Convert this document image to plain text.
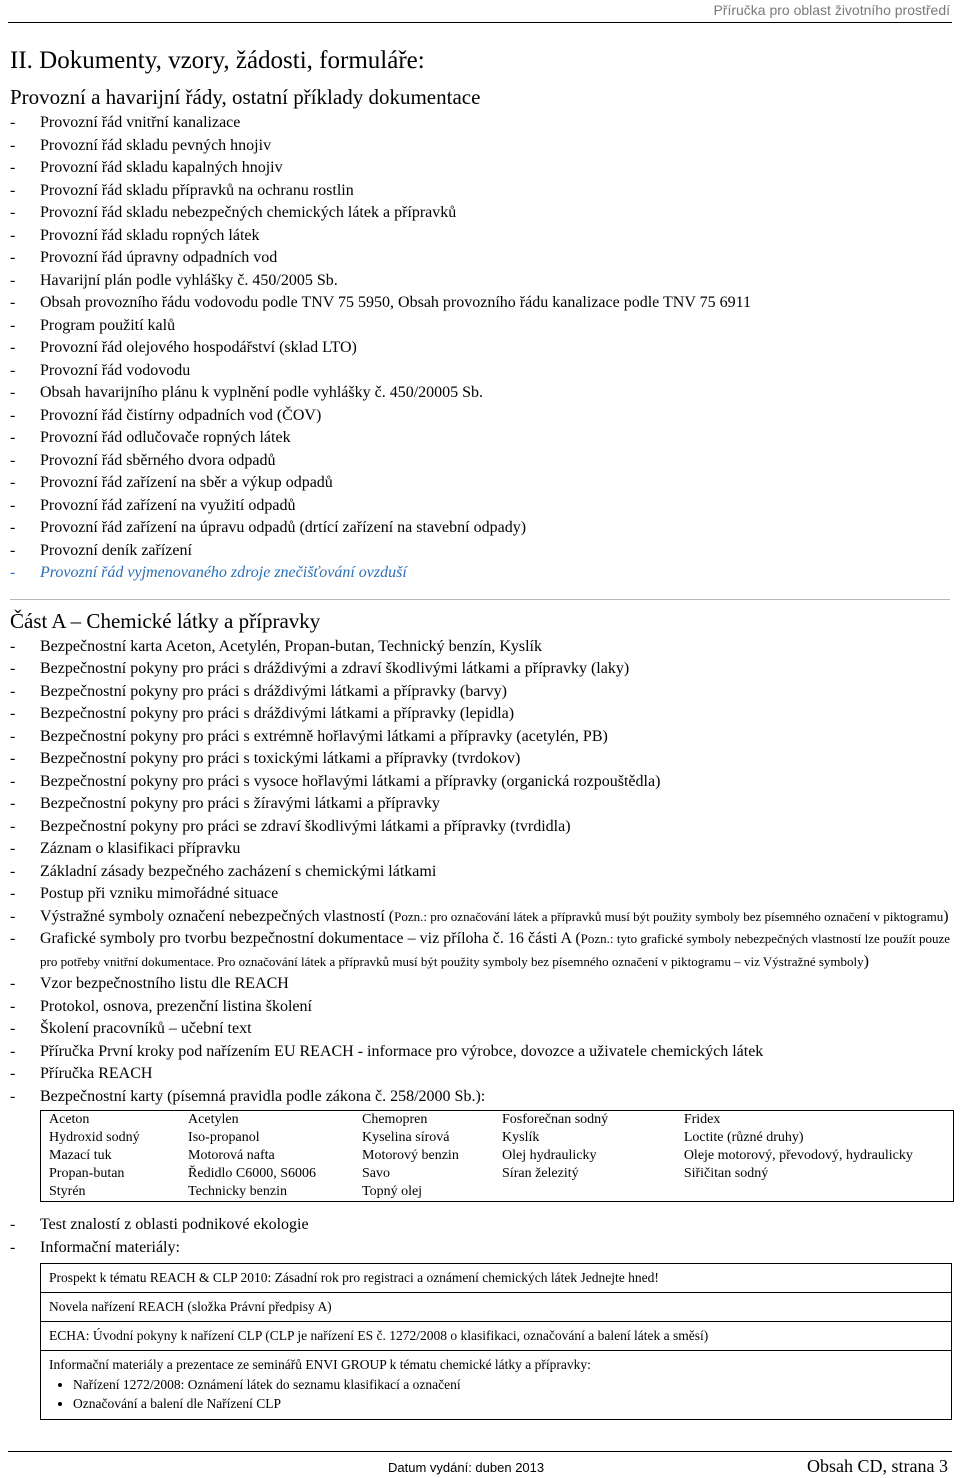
Příručka pro oblast životního prostředí
II. Dokumenty, vzory, žádosti, formuláře:
Provozní a havarijní řády, ostatní příklady dokumentace
- Provozní řád vnitřní kanalizace
- Provozní řád skladu pevných hnojiv
- Provozní řád skladu kapalných hnojiv
- Provozní řád skladu přípravků na ochranu rostlin
- Provozní řád skladu nebezpečných chemických látek a přípravků
- Provozní řád skladu ropných látek
- Provozní řád úpravny odpadních vod
- Havarijní plán podle vyhlášky č. 450/2005 Sb.
- Obsah provozního řádu vodovodu podle TNV 75 5950, Obsah provozního řádu kanalizace podle TNV 75 6911
- Program použití kalů
- Provozní řád olejového hospodářství (sklad LTO)
- Provozní řád vodovodu
- Obsah havarijního plánu k vyplnění podle vyhlášky č. 450/20005 Sb.
- Provozní řád čistírny odpadních vod (ČOV)
- Provozní řád odlučovače ropných látek
- Provozní řád sběrného dvora odpadů
- Provozní řád zařízení na sběr a výkup odpadů
- Provozní řád zařízení na využití odpadů
- Provozní řád zařízení na úpravu odpadů (drtící zařízení na stavební odpady)
- Provozní deník zařízení
- Provozní řád vyjmenovaného zdroje znečišťování ovzduší
Část A – Chemické látky a přípravky
- Bezpečnostní karta Aceton, Acetylén, Propan-butan, Technický benzín, Kyslík
- Bezpečnostní pokyny pro práci s dráždivými a zdraví škodlivými látkami a přípravky (laky)
- Bezpečnostní pokyny pro práci s dráždivými látkami a přípravky (barvy)
- Bezpečnostní pokyny pro práci s dráždivými látkami a přípravky (lepidla)
- Bezpečnostní pokyny pro práci s extrémně hořlavými látkami a přípravky (acetylén, PB)
- Bezpečnostní pokyny pro práci s toxickými látkami a přípravky (tvrdokov)
- Bezpečnostní pokyny pro práci s vysoce hořlavými látkami a přípravky (organická rozpouštědla)
- Bezpečnostní pokyny pro práci s žíravými látkami a přípravky
- Bezpečnostní pokyny pro práci se zdraví škodlivými látkami a přípravky (tvrdidla)
- Záznam o klasifikaci přípravku
- Základní zásady bezpečného zacházení s chemickými látkami
- Postup při vzniku mimořádné situace
- Výstražné symboly označení nebezpečných vlastností (Pozn.: pro označování látek a přípravků musí být použity symboly bez písemného označení v piktogramu)
- Grafické symboly pro tvorbu bezpečnostní dokumentace – viz příloha č. 16 části A (Pozn.: tyto grafické symboly nebezpečných vlastností lze použít pouze pro potřeby vnitřní dokumentace. Pro označování látek a přípravků musí být použity symboly bez písemného označení v piktogramu – viz Výstražné symboly)
- Vzor bezpečnostního listu dle REACH
- Protokol, osnova, prezenční listina školení
- Školení pracovníků – učební text
- Příručka První kroky pod nařízením EU REACH - informace pro výrobce, dovozce a uživatele chemických látek
- Příručka REACH
- Bezpečnostní karty (písemná pravidla podle zákona č. 258/2000 Sb.):
Aceton	Acetylen	Chemopren	Fosforečnan sodný	Fridex
Hydroxid sodný	Iso-propanol	Kyselina sírová	Kyslík	Loctite (různé druhy)
Mazací tuk	Motorová nafta	Motorový benzin	Olej hydraulicky	Oleje motorový, převodový, hydraulicky
Propan-butan	Ředidlo C6000, S6006	Savo	Síran železitý	Siřičitan sodný
Styrén	Technicky benzin	Topný olej		
- Test znalostí z oblasti podnikové ekologie
- Informační materiály:
Prospekt k tématu REACH & CLP 2010: Zásadní rok pro registraci a oznámení chemických látek Jednejte hned!
Novela nařízení REACH (složka Právní předpisy A)
ECHA: Úvodní pokyny k nařízení CLP (CLP je nařízení ES č. 1272/2008 o klasifikaci, označování a balení látek a směsí)
Informační materiály a prezentace ze seminářů ENVI GROUP k tématu chemické látky a přípravky:
• Nařízení 1272/2008: Oznámení látek do seznamu klasifikací a označení
• Označování a balení dle Nařízení CLP
Datum vydání: duben 2013	Obsah CD, strana 3
